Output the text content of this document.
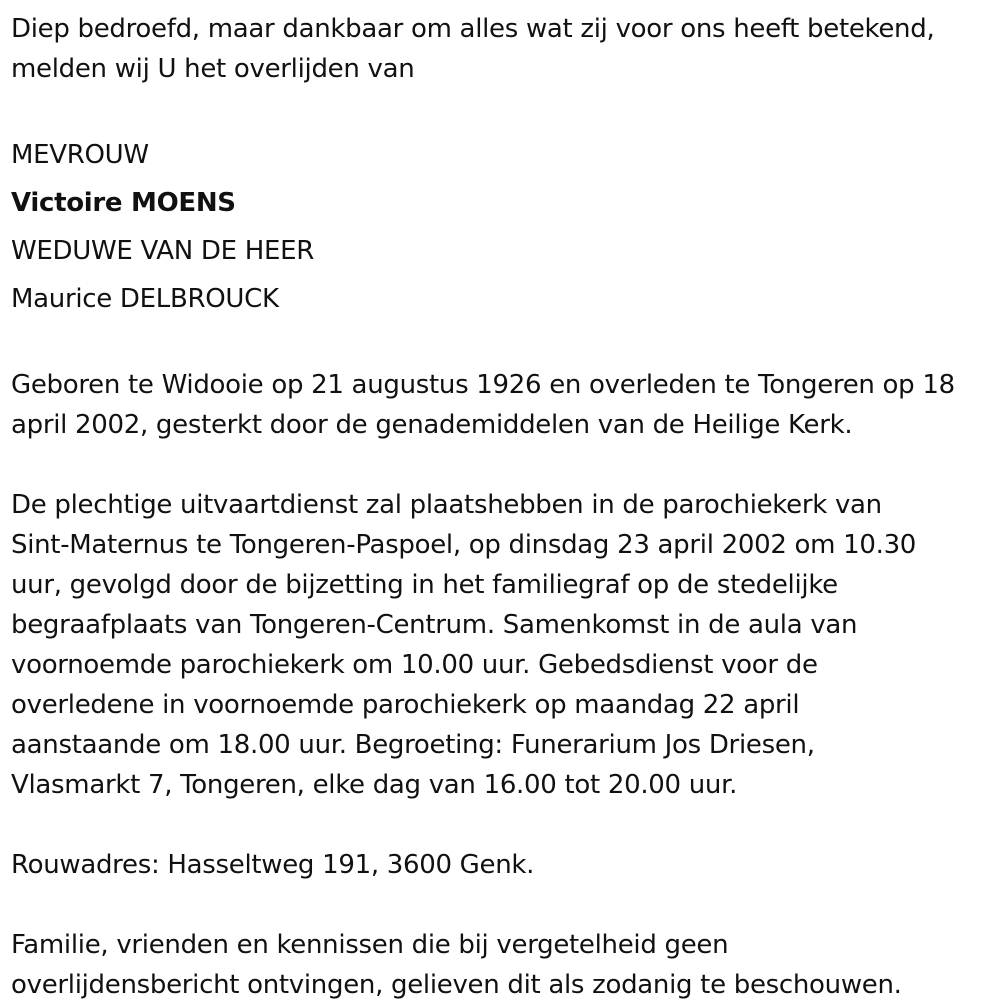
Diep bedroefd, maar dankbaar om alles wat zij voor ons heeft betekend,

melden wij U het overlijden van

MEVROUW

Victoire MOENS

WEDUWE VAN DE HEER

Maurice DELBROUCK

Geboren te Widooie op 21 augustus 1926 en overleden te Tongeren op 18

april 2002, gesterkt door de genademiddelen van de Heilige Kerk.

De plechtige uitvaartdienst zal plaatshebben in de parochiekerk van

Sint-Maternus te Tongeren-Paspoel, op dinsdag 23 april 2002 om 10.30

uur, gevolgd door de bijzetting in het familiegraf op de stedelijke

begraafplaats van Tongeren-Centrum. Samenkomst in de aula van

voornoemde parochiekerk om 10.00 uur. Gebedsdienst voor de

overledene in voornoemde parochiekerk op maandag 22 april

aanstaande om 18.00 uur. Begroeting: Funerarium Jos Driesen,

Vlasmarkt 7, Tongeren, elke dag van 16.00 tot 20.00 uur.

Rouwadres: Hasseltweg 191, 3600 Genk.

Familie, vrienden en kennissen die bij vergetelheid geen

overlijdensbericht ontvingen, gelieven dit als zodanig te beschouwen.
